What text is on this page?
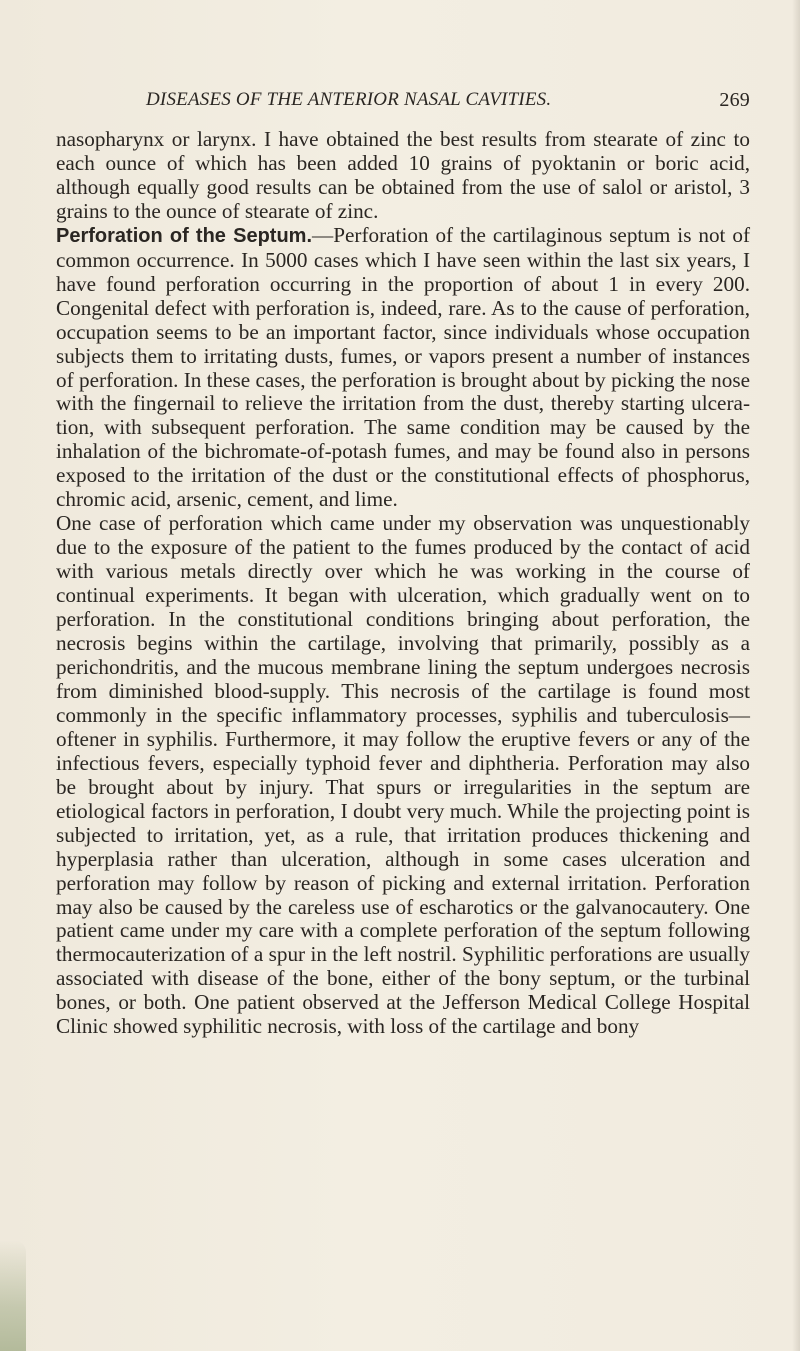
DISEASES OF THE ANTERIOR NASAL CAVITIES.	269

nasopharynx or larynx. I have obtained the best results from stearate of zinc to each ounce of which has been added 10 grains of pyoktanin or boric acid, although equally good results can be obtained from the use of salol or aristol, 3 grains to the ounce of stearate of zinc.

Perforation of the Septum.—Perforation of the cartilaginous septum is not of common occurrence. In 5000 cases which I have seen within the last six years, I have found perforation occurring in the proportion of about 1 in every 200. Congenital defect with perforation is, indeed, rare. As to the cause of perforation, occupation seems to be an important factor, since individuals whose occupation subjects them to irritating dusts, fumes, or vapors present a number of instances of perforation. In these cases, the perforation is brought about by picking the nose with the fingernail to relieve the irritation from the dust, thereby starting ulceration, with subsequent perforation. The same condition may be caused by the inhalation of the bichromate-of-potash fumes, and may be found also in persons exposed to the irritation of the dust or the constitutional effects of phosphorus, chromic acid, arsenic, cement, and lime.

One case of perforation which came under my observation was unquestionably due to the exposure of the patient to the fumes produced by the contact of acid with various metals directly over which he was working in the course of continual experiments. It began with ulceration, which gradually went on to perforation. In the constitutional conditions bringing about perforation, the necrosis begins within the cartilage, involving that primarily, possibly as a perichondritis, and the mucous membrane lining the septum undergoes necrosis from diminished blood-supply. This necrosis of the cartilage is found most commonly in the specific inflammatory processes, syphilis and tuberculosis—oftener in syphilis. Furthermore, it may follow the eruptive fevers or any of the infectious fevers, especially typhoid fever and diphtheria. Perforation may also be brought about by injury. That spurs or irregularities in the septum are etiological factors in perforation, I doubt very much. While the projecting point is subjected to irritation, yet, as a rule, that irritation produces thickening and hyperplasia rather than ulceration, although in some cases ulceration and perforation may follow by reason of picking and external irritation. Perforation may also be caused by the careless use of escharotics or the galvanocautery. One patient came under my care with a complete perforation of the septum following thermocauterization of a spur in the left nostril. Syphilitic perforations are usually associated with disease of the bone, either of the bony septum, or the turbinal bones, or both. One patient observed at the Jefferson Medical College Hospital Clinic showed syphilitic necrosis, with loss of the cartilage and bony
